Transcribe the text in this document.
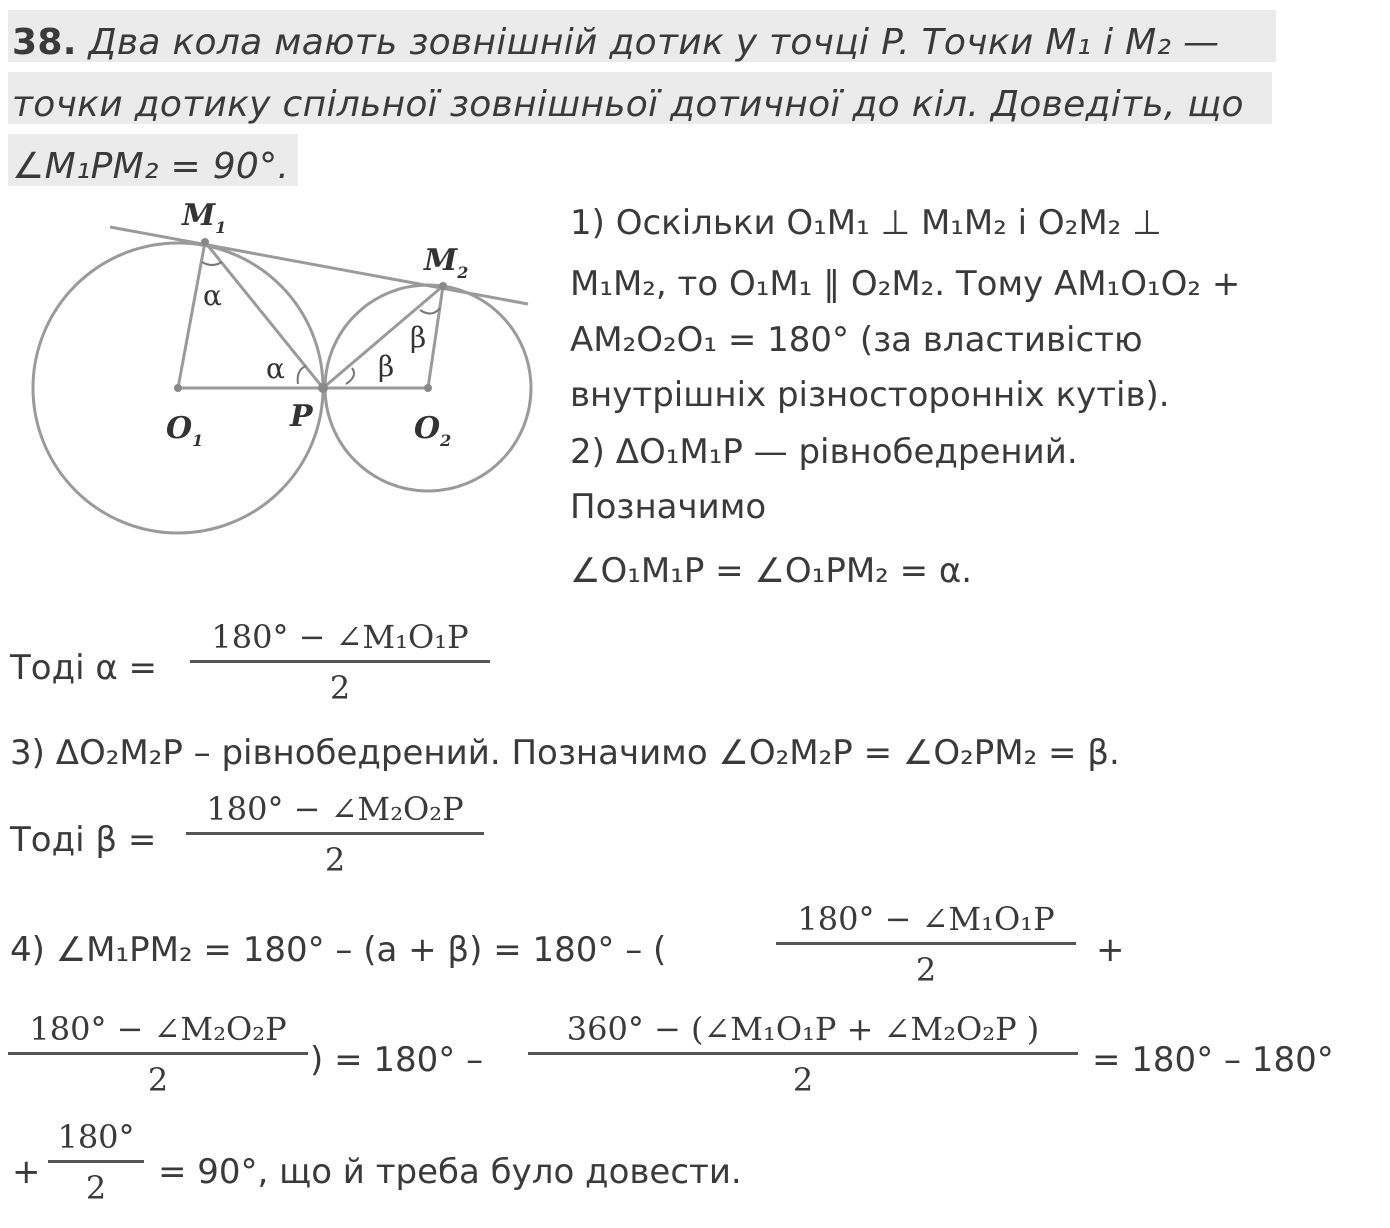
38. Два кола мають зовнішній дотик у точці P. Точки M₁ і M₂ —
точки дотику спільної зовнішньої дотичної до кіл. Доведіть, що
∠M₁PM₂ = 90°.
$M_1$
$M_2$
$O_1$	$O_2$
P
α
α	β
β
1) Оскільки O₁M₁ ⊥ M₁M₂ і O₂M₂ ⊥
M₁M₂, то O₁M₁ ‖ O₂M₂. Тому AM₁O₁O₂ +
AM₂O₂O₁ = 180° (за властивістю
внутрішніх різносторонніх кутів).
2) ΔO₁M₁P — рівнобедрений.
Позначимо
∠O₁M₁P = ∠O₁PM₂ = α.
Тоді $\alpha = \frac{\text{180° − ∠M₁O₁P}}{2}$
3) ΔO₂M₂P – рівнобедрений. Позначимо ∠O₂M₂P = ∠O₂PM₂ = β.
Тоді $\beta = \frac{\text{180° − ∠M₂O₂P}}{2}$
4) ∠M₁PM₂ = 180° – (a + β) = 180° – (	$\frac{\text{180° − ∠M₁O₁P}}{2}$ +
$\frac{\text{180° − ∠M₂O₂P}}{2}$ ) = $180^\circ - \frac{\text{360° − (∠M₁O₁P + ∠M₂O₂P )}}{2} = 180^\circ - 180^\circ$
+ $\frac{180^\circ}{2} = 90^\circ$, що й треба було довести.
